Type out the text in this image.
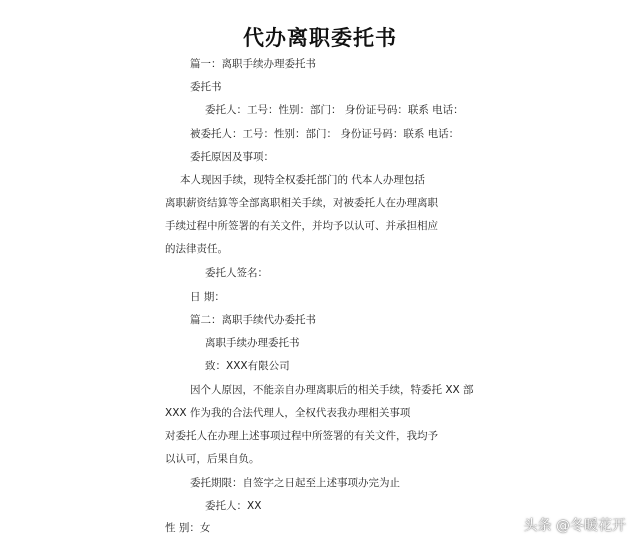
代办离职委托书
篇一：离职手续办理委托书
委托书
委托人：工号：性别：部门： 身份证号码：联系 电话：
被委托人：工号：性别：部门： 身份证号码：联系 电话：
委托原因及事项：
本人现因手续，现特全权委托部门的 代本人办理包括
离职薪资结算等全部离职相关手续，对被委托人在办理离职
手续过程中所签署的有关文件，并均予以认可、并承担相应
的法律责任。
委托人签名：
日 期：
篇二：离职手续代办委托书
离职手续办理委托书
致：XXX有限公司
因个人原因，不能亲自办理离职后的相关手续，特委托 XX 部
XXX 作为我的合法代理人，全权代表我办理相关事项
对委托人在办理上述事项过程中所签署的有关文件，我均予
以认可，后果自负。
委托期限：自签字之日起至上述事项办完为止
委托人：XX
性 别：女	头条 @冬暖花开
